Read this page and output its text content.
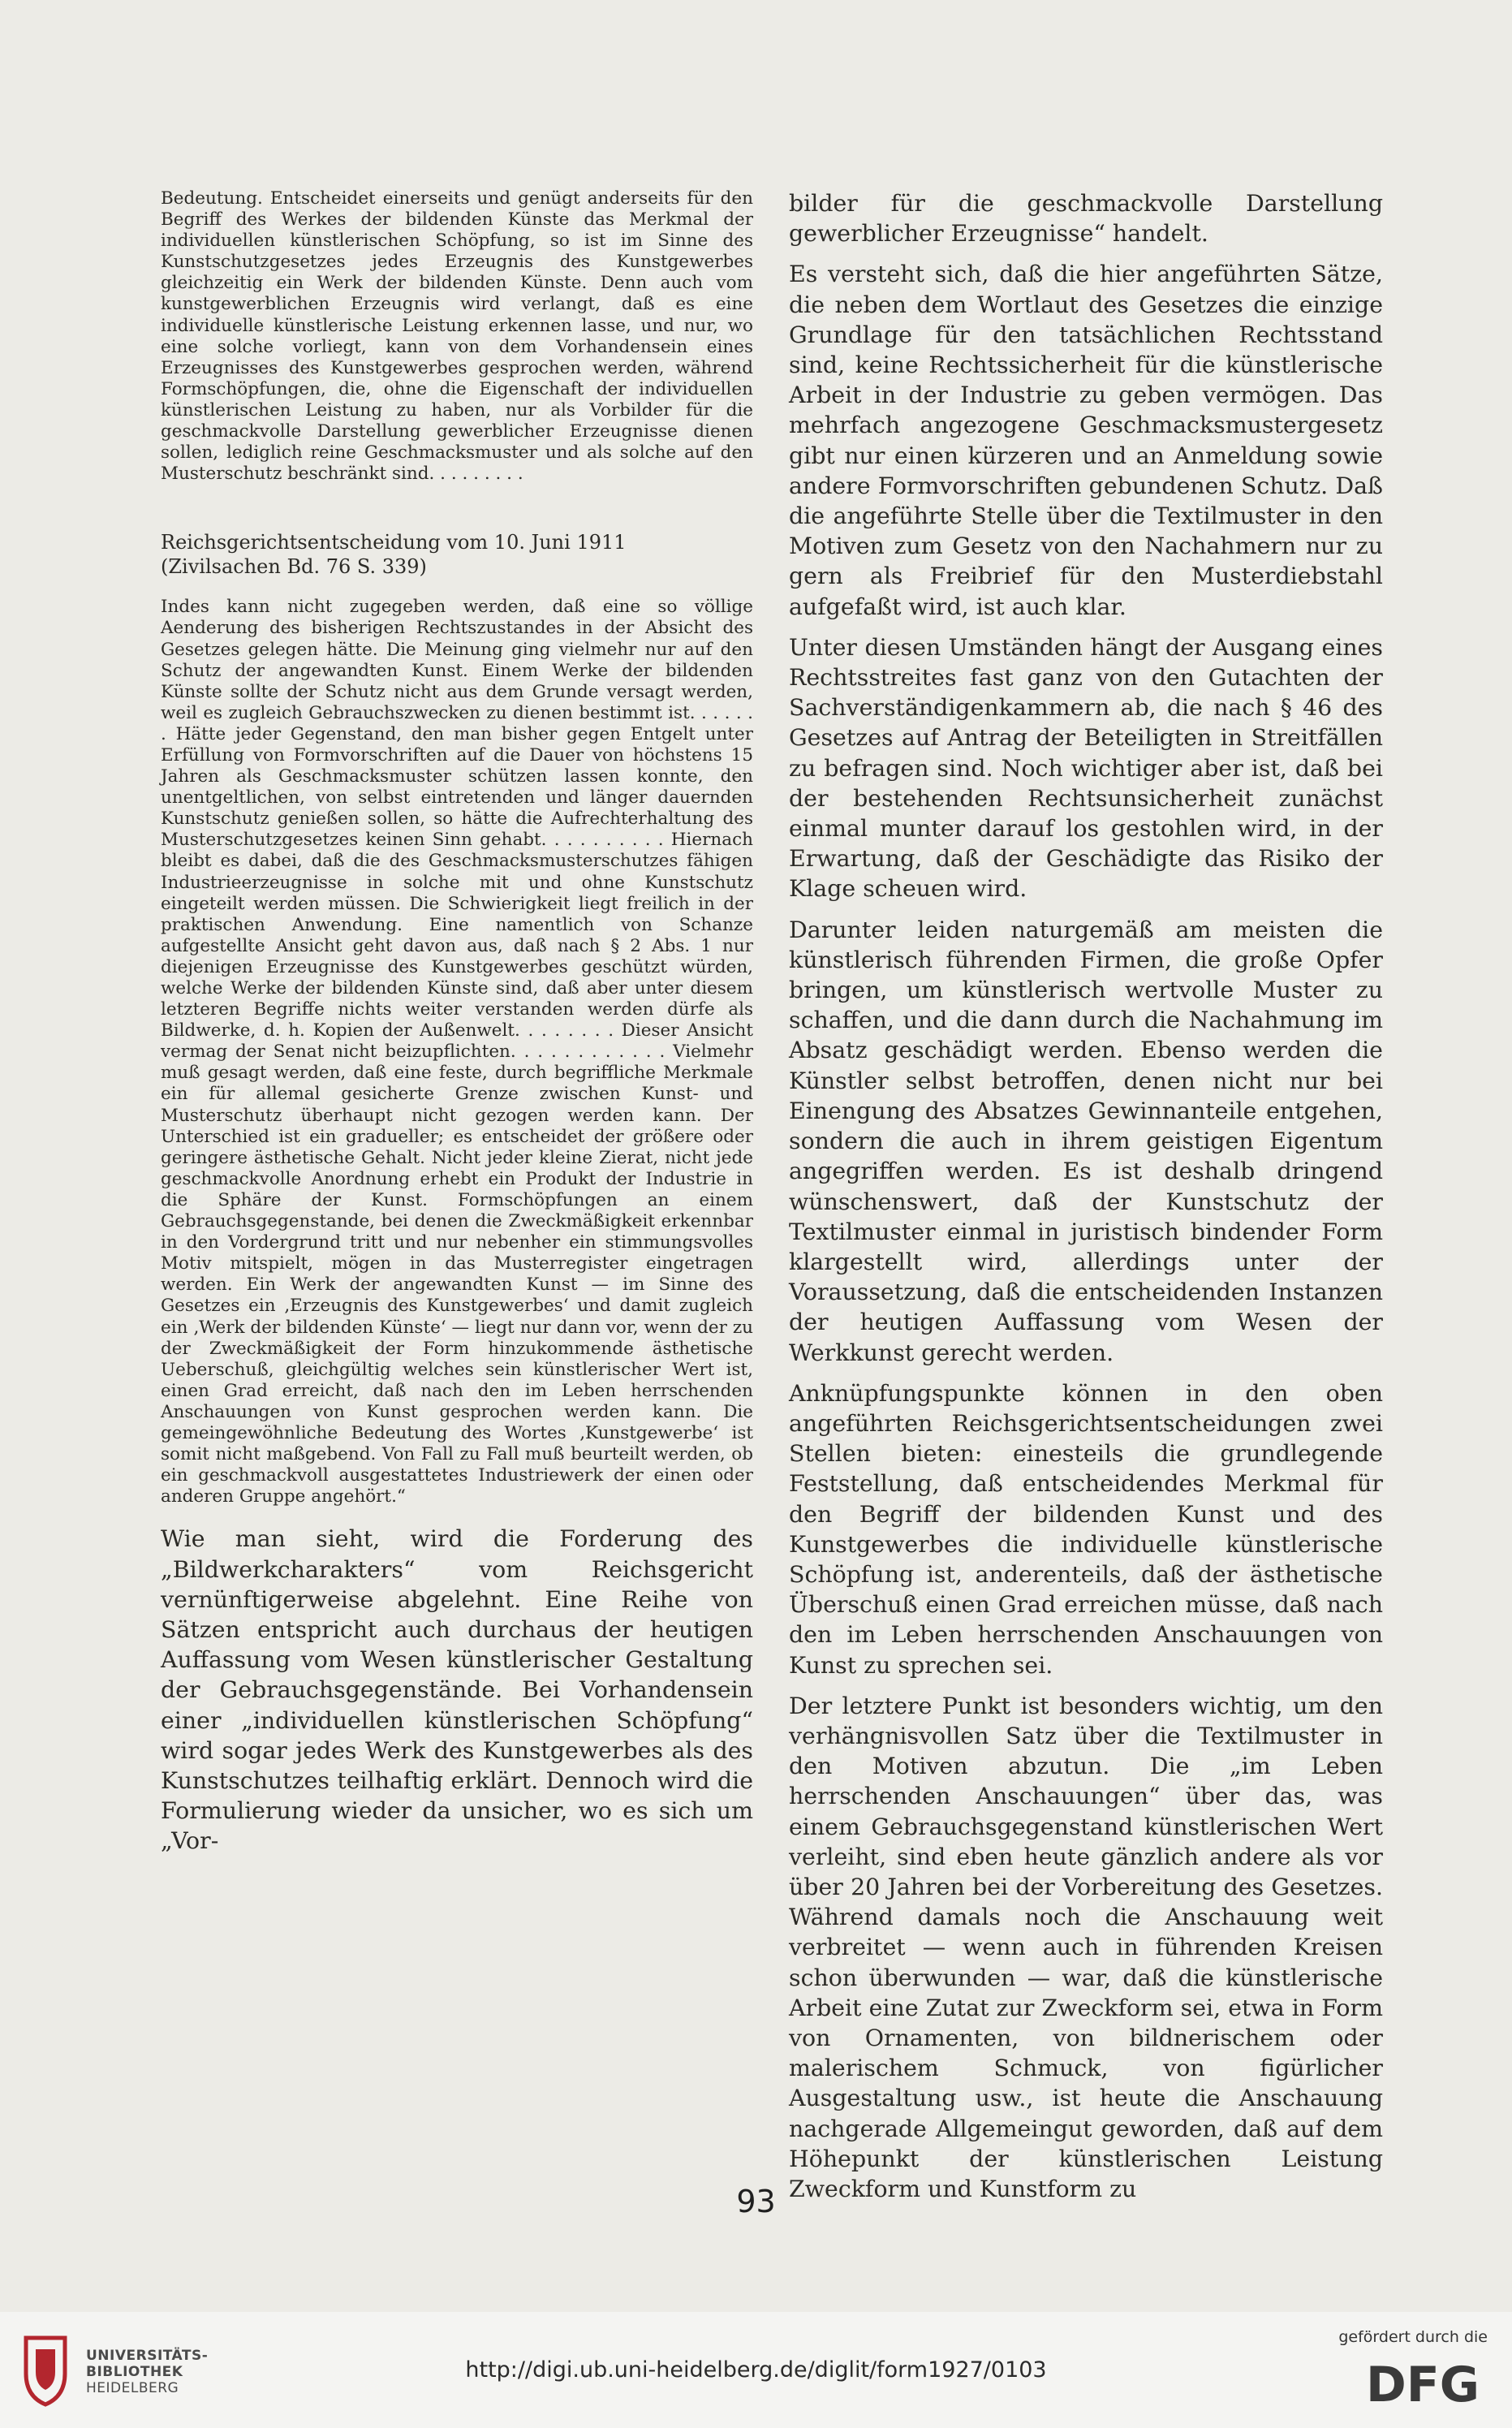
Bedeutung. Entscheidet einerseits und genügt anderseits für den Begriff des Werkes der bildenden Künste das Merkmal der individuellen künstlerischen Schöpfung, so ist im Sinne des Kunstschutzgesetzes jedes Erzeugnis des Kunstgewerbes gleichzeitig ein Werk der bildenden Künste. Denn auch vom kunstgewerblichen Erzeugnis wird verlangt, daß es eine individuelle künstlerische Leistung erkennen lasse, und nur, wo eine solche vorliegt, kann von dem Vorhandensein eines Erzeugnisses des Kunstgewerbes gesprochen werden, während Formschöpfungen, die, ohne die Eigenschaft der individuellen künstlerischen Leistung zu haben, nur als Vorbilder für die geschmackvolle Darstellung gewerblicher Erzeugnisse dienen sollen, lediglich reine Geschmacksmuster und als solche auf den Musterschutz beschränkt sind. . . . . . . . .

Reichsgerichtsentscheidung vom 10. Juni 1911
(Zivilsachen Bd. 76 S. 339)

Indes kann nicht zugegeben werden, daß eine so völlige Aenderung des bisherigen Rechtszustandes in der Absicht des Gesetzes gelegen hätte. Die Meinung ging vielmehr nur auf den Schutz der angewandten Kunst. Einem Werke der bildenden Künste sollte der Schutz nicht aus dem Grunde versagt werden, weil es zugleich Gebrauchszwecken zu dienen bestimmt ist. . . . . . . Hätte jeder Gegenstand, den man bisher gegen Entgelt unter Erfüllung von Formvorschriften auf die Dauer von höchstens 15 Jahren als Geschmacksmuster schützen lassen konnte, den unentgeltlichen, von selbst eintretenden und länger dauernden Kunstschutz genießen sollen, so hätte die Aufrechterhaltung des Musterschutzgesetzes keinen Sinn gehabt. . . . . . . . . . Hiernach bleibt es dabei, daß die des Geschmacksmusterschutzes fähigen Industrieerzeugnisse in solche mit und ohne Kunstschutz eingeteilt werden müssen. Die Schwierigkeit liegt freilich in der praktischen Anwendung. Eine namentlich von Schanze aufgestellte Ansicht geht davon aus, daß nach § 2 Abs. 1 nur diejenigen Erzeugnisse des Kunstgewerbes geschützt würden, welche Werke der bildenden Künste sind, daß aber unter diesem letzteren Begriffe nichts weiter verstanden werden dürfe als Bildwerke, d. h. Kopien der Außenwelt. . . . . . . . Dieser Ansicht vermag der Senat nicht beizupflichten. . . . . . . . . . . . Vielmehr muß gesagt werden, daß eine feste, durch begriffliche Merkmale ein für allemal gesicherte Grenze zwischen Kunst- und Musterschutz überhaupt nicht gezogen werden kann. Der Unterschied ist ein gradueller; es entscheidet der größere oder geringere ästhetische Gehalt. Nicht jeder kleine Zierat, nicht jede geschmackvolle Anordnung erhebt ein Produkt der Industrie in die Sphäre der Kunst. Formschöpfungen an einem Gebrauchsgegenstande, bei denen die Zweckmäßigkeit erkennbar in den Vordergrund tritt und nur nebenher ein stimmungsvolles Motiv mitspielt, mögen in das Musterregister eingetragen werden. Ein Werk der angewandten Kunst — im Sinne des Gesetzes ein ‚Erzeugnis des Kunstgewerbes‘ und damit zugleich ein ‚Werk der bildenden Künste‘ — liegt nur dann vor, wenn der zu der Zweckmäßigkeit der Form hinzukommende ästhetische Ueberschuß, gleichgültig welches sein künstlerischer Wert ist, einen Grad erreicht, daß nach den im Leben herrschenden Anschauungen von Kunst gesprochen werden kann. Die gemeingewöhnliche Bedeutung des Wortes ‚Kunstgewerbe‘ ist somit nicht maßgebend. Von Fall zu Fall muß beurteilt werden, ob ein geschmackvoll ausgestattetes Industriewerk der einen oder anderen Gruppe angehört.“

Wie man sieht, wird die Forderung des „Bildwerkcharakters“ vom Reichsgericht vernünftigerweise abgelehnt. Eine Reihe von Sätzen entspricht auch durchaus der heutigen Auffassung vom Wesen künstlerischer Gestaltung der Gebrauchsgegenstände. Bei Vorhandensein einer „individuellen künstlerischen Schöpfung“ wird sogar jedes Werk des Kunstgewerbes als des Kunstschutzes teilhaftig erklärt. Dennoch wird die Formulierung wieder da unsicher, wo es sich um „Vor-

bilder für die geschmackvolle Darstellung gewerblicher Erzeugnisse“ handelt.

Es versteht sich, daß die hier angeführten Sätze, die neben dem Wortlaut des Gesetzes die einzige Grundlage für den tatsächlichen Rechtsstand sind, keine Rechtssicherheit für die künstlerische Arbeit in der Industrie zu geben vermögen. Das mehrfach angezogene Geschmacksmustergesetz gibt nur einen kürzeren und an Anmeldung sowie andere Formvorschriften gebundenen Schutz. Daß die angeführte Stelle über die Textilmuster in den Motiven zum Gesetz von den Nachahmern nur zu gern als Freibrief für den Musterdiebstahl aufgefaßt wird, ist auch klar.

Unter diesen Umständen hängt der Ausgang eines Rechtsstreites fast ganz von den Gutachten der Sachverständigenkammern ab, die nach § 46 des Gesetzes auf Antrag der Beteiligten in Streitfällen zu befragen sind. Noch wichtiger aber ist, daß bei der bestehenden Rechtsunsicherheit zunächst einmal munter darauf los gestohlen wird, in der Erwartung, daß der Geschädigte das Risiko der Klage scheuen wird.

Darunter leiden naturgemäß am meisten die künstlerisch führenden Firmen, die große Opfer bringen, um künstlerisch wertvolle Muster zu schaffen, und die dann durch die Nachahmung im Absatz geschädigt werden. Ebenso werden die Künstler selbst betroffen, denen nicht nur bei Einengung des Absatzes Gewinnanteile entgehen, sondern die auch in ihrem geistigen Eigentum angegriffen werden. Es ist deshalb dringend wünschenswert, daß der Kunstschutz der Textilmuster einmal in juristisch bindender Form klargestellt wird, allerdings unter der Voraussetzung, daß die entscheidenden Instanzen der heutigen Auffassung vom Wesen der Werkkunst gerecht werden.

Anknüpfungspunkte können in den oben angeführten Reichsgerichtsentscheidungen zwei Stellen bieten: einesteils die grundlegende Feststellung, daß entscheidendes Merkmal für den Begriff der bildenden Kunst und des Kunstgewerbes die individuelle künstlerische Schöpfung ist, anderenteils, daß der ästhetische Überschuß einen Grad erreichen müsse, daß nach den im Leben herrschenden Anschauungen von Kunst zu sprechen sei.

Der letztere Punkt ist besonders wichtig, um den verhängnisvollen Satz über die Textilmuster in den Motiven abzutun. Die „im Leben herrschenden Anschauungen“ über das, was einem Gebrauchsgegenstand künstlerischen Wert verleiht, sind eben heute gänzlich andere als vor über 20 Jahren bei der Vorbereitung des Gesetzes. Während damals noch die Anschauung weit verbreitet — wenn auch in führenden Kreisen schon überwunden — war, daß die künstlerische Arbeit eine Zutat zur Zweckform sei, etwa in Form von Ornamenten, von bildnerischem oder malerischem Schmuck, von figürlicher Ausgestaltung usw., ist heute die Anschauung nachgerade Allgemeingut geworden, daß auf dem Höhepunkt der künstlerischen Leistung Zweckform und Kunstform zu

93
UNIVERSITÄTS-
BIBLIOTHEK
HEIDELBERG
http://digi.ub.uni-heidelberg.de/diglit/form1927/0103
gefördert durch die
DFG
